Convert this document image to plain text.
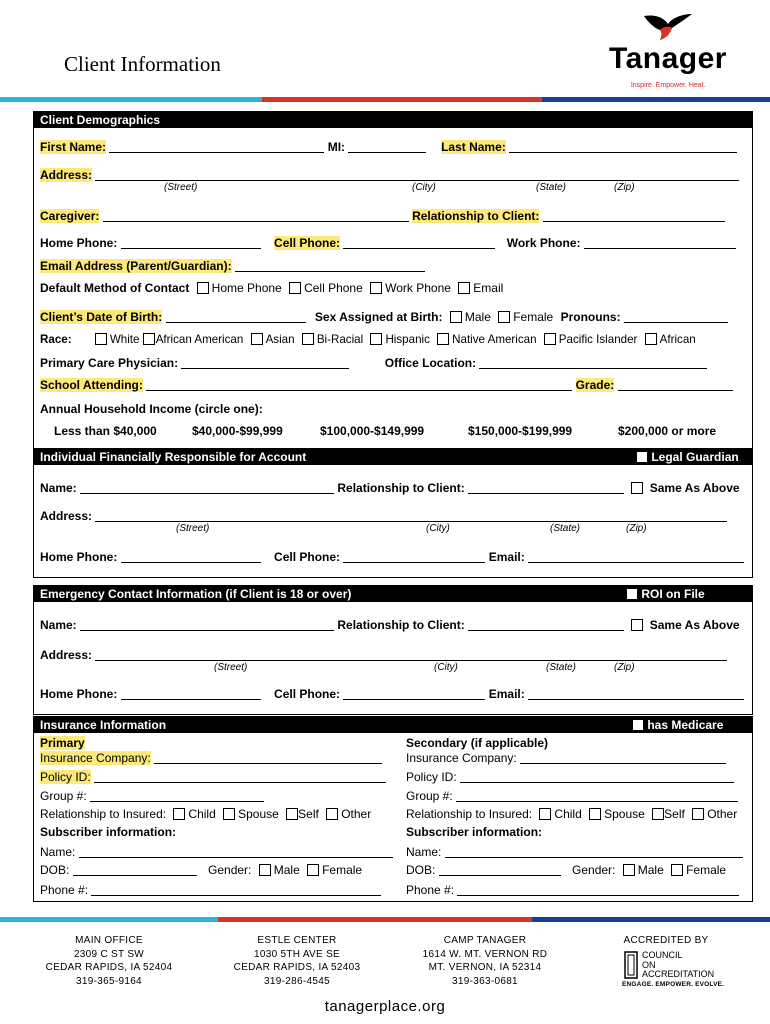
Client Information	Tanager
Inspire. Empower. Heal.
Client Demographics
First Name:	MI:	Last Name:
Address:
(Street)	(City)	(State)	(Zip)
Caregiver:	Relationship to Client:
Home Phone:	Cell Phone:	Work Phone:
Email Address (Parent/Guardian):
Default Method of Contact Home Phone Cell Phone Work Phone Email
Client’s Date of Birth:	Sex Assigned at Birth: Male Female Pronouns:
Race:	White African American Asian Bi-Racial Hispanic Native American Pacific Islander African
Primary Care Physician:	Office Location:
School Attending:	Grade:
Annual Household Income (circle one):
Less than $40,000	$40,000-$99,999	$100,000-$149,999	$150,000-$199,999	$200,000 or more
Individual Financially Responsible for Account	Legal Guardian
Name:	Relationship to Client:	Same As Above
Address:
(Street)	(City)	(State)	(Zip)
Home Phone:	Cell Phone:	Email:
Emergency Contact Information (if Client is 18 or over)	ROI on File
Name:	Relationship to Client:	Same As Above
Address:
(Street)	(City)	(State)	(Zip)
Home Phone:	Cell Phone:	Email:
Insurance Information	has Medicare
Primary
Insurance Company:
Policy ID:
Group #:
Relationship to Insured: Child Spouse Self Other
Subscriber information:
Name:
DOB:	Gender: Male Female
Phone #:
Secondary (if applicable)
Insurance Company:
Policy ID:
Group #:
Relationship to Insured: Child Spouse Self Other
Subscriber information:
Name:
DOB:	Gender: Male Female
Phone #:
MAIN OFFICE
2309 C ST SW
CEDAR RAPIDS, IA 52404
319-365-9164
ESTLE CENTER
1030 5TH AVE SE
CEDAR RAPIDS, IA 52403
319-286-4545
CAMP TANAGER
1614 W. MT. VERNON RD
MT. VERNON, IA 52314
319-363-0681
ACCREDITED BY
COUNCIL
ON
ACCREDITATION
ENGAGE. EMPOWER. EVOLVE.
tanagerplace.org
